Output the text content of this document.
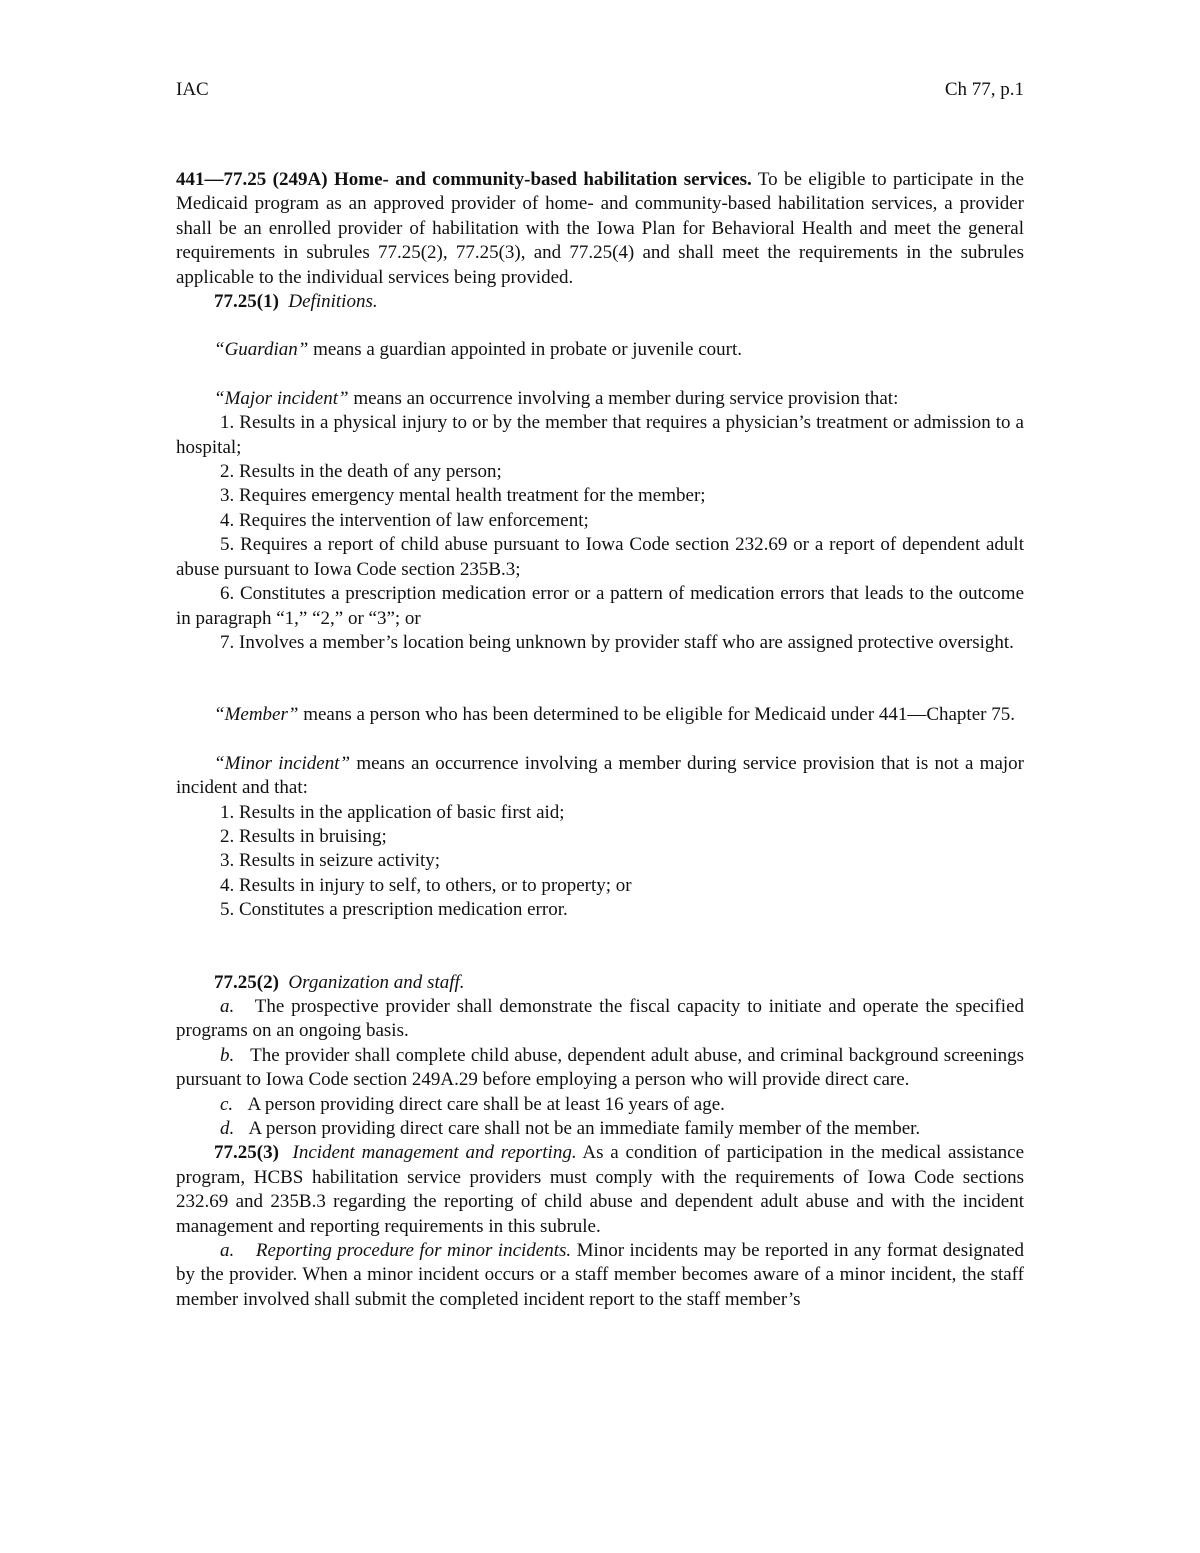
IAC	Ch 77, p.1

441—77.25 (249A) Home- and community-based habilitation services. To be eligible to participate in the Medicaid program as an approved provider of home- and community-based habilitation services, a provider shall be an enrolled provider of habilitation with the Iowa Plan for Behavioral Health and meet the general requirements in subrules 77.25(2), 77.25(3), and 77.25(4) and shall meet the requirements in the subrules applicable to the individual services being provided.

77.25(1) Definitions.

“Guardian” means a guardian appointed in probate or juvenile court.

“Major incident” means an occurrence involving a member during service provision that:

1. Results in a physical injury to or by the member that requires a physician’s treatment or admission to a hospital;

2. Results in the death of any person;

3. Requires emergency mental health treatment for the member;

4. Requires the intervention of law enforcement;

5. Requires a report of child abuse pursuant to Iowa Code section 232.69 or a report of dependent adult abuse pursuant to Iowa Code section 235B.3;

6. Constitutes a prescription medication error or a pattern of medication errors that leads to the outcome in paragraph “1,” “2,” or “3”; or

7. Involves a member’s location being unknown by provider staff who are assigned protective oversight.

“Member” means a person who has been determined to be eligible for Medicaid under 441—Chapter 75.

“Minor incident” means an occurrence involving a member during service provision that is not a major incident and that:

1. Results in the application of basic first aid;

2. Results in bruising;

3. Results in seizure activity;

4. Results in injury to self, to others, or to property; or

5. Constitutes a prescription medication error.

77.25(2) Organization and staff.

a. The prospective provider shall demonstrate the fiscal capacity to initiate and operate the specified programs on an ongoing basis.

b. The provider shall complete child abuse, dependent adult abuse, and criminal background screenings pursuant to Iowa Code section 249A.29 before employing a person who will provide direct care.

c. A person providing direct care shall be at least 16 years of age.

d. A person providing direct care shall not be an immediate family member of the member.

77.25(3) Incident management and reporting. As a condition of participation in the medical assistance program, HCBS habilitation service providers must comply with the requirements of Iowa Code sections 232.69 and 235B.3 regarding the reporting of child abuse and dependent adult abuse and with the incident management and reporting requirements in this subrule.

a. Reporting procedure for minor incidents. Minor incidents may be reported in any format designated by the provider. When a minor incident occurs or a staff member becomes aware of a minor incident, the staff member involved shall submit the completed incident report to the staff member’s
